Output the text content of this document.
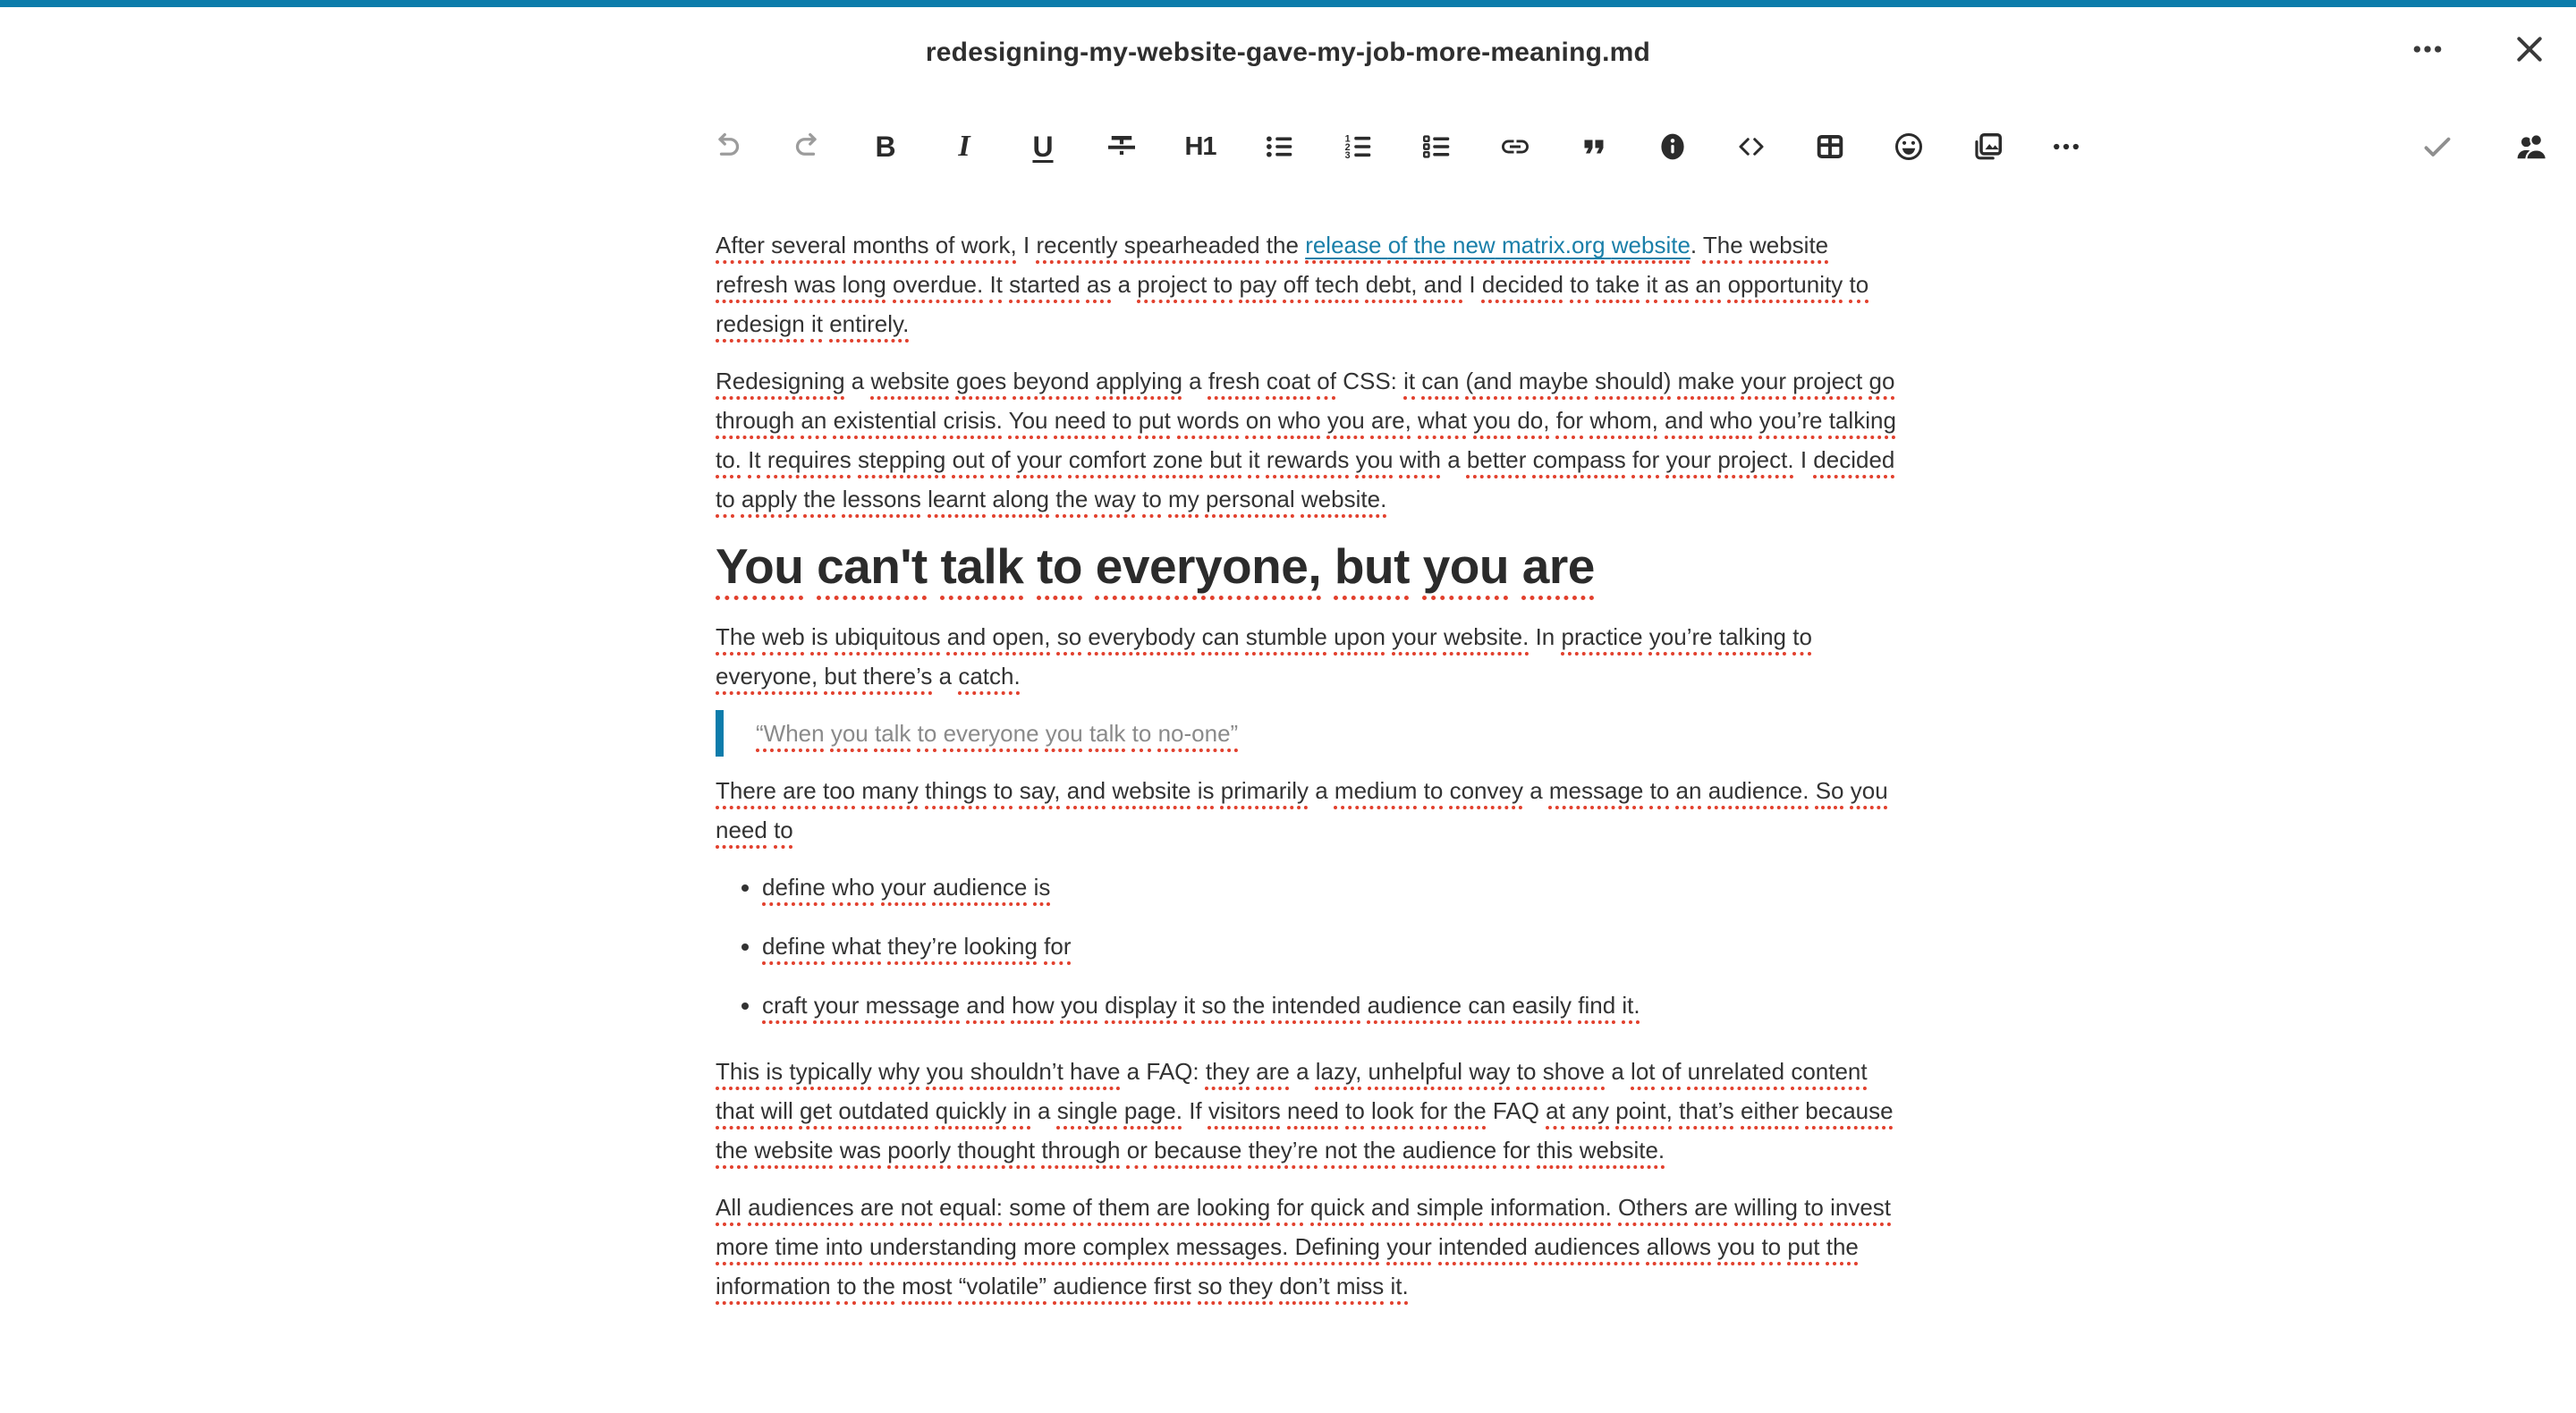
redesigning-my-website-gave-my-job-more-meaning.md
B I U	H1	1
2
3

After several months of work, I recently spearheaded the release of the new matrix.org website. The website refresh was long overdue. It started as a project to pay off tech debt, and I decided to take it as an opportunity to redesign it entirely.

Redesigning a website goes beyond applying a fresh coat of CSS: it can (and maybe should) make your project go through an existential crisis. You need to put words on who you are, what you do, for whom, and who you’re talking to. It requires stepping out of your comfort zone but it rewards you with a better compass for your project. I decided to apply the lessons learnt along the way to my personal website.

You can't talk to everyone, but you are

The web is ubiquitous and open, so everybody can stumble upon your website. In practice you’re talking to everyone, but there’s a catch.

“When you talk to everyone you talk to no-one”

There are too many things to say, and website is primarily a medium to convey a message to an audience. So you need to

• define who your audience is
• define what they’re looking for
• craft your message and how you display it so the intended audience can easily find it.

This is typically why you shouldn’t have a FAQ: they are a lazy, unhelpful way to shove a lot of unrelated content that will get outdated quickly in a single page. If visitors need to look for the FAQ at any point, that’s either because the website was poorly thought through or because they’re not the audience for this website.

All audiences are not equal: some of them are looking for quick and simple information. Others are willing to invest more time into understanding more complex messages. Defining your intended audiences allows you to put the information to the most “volatile” audience first so they don’t miss it.
